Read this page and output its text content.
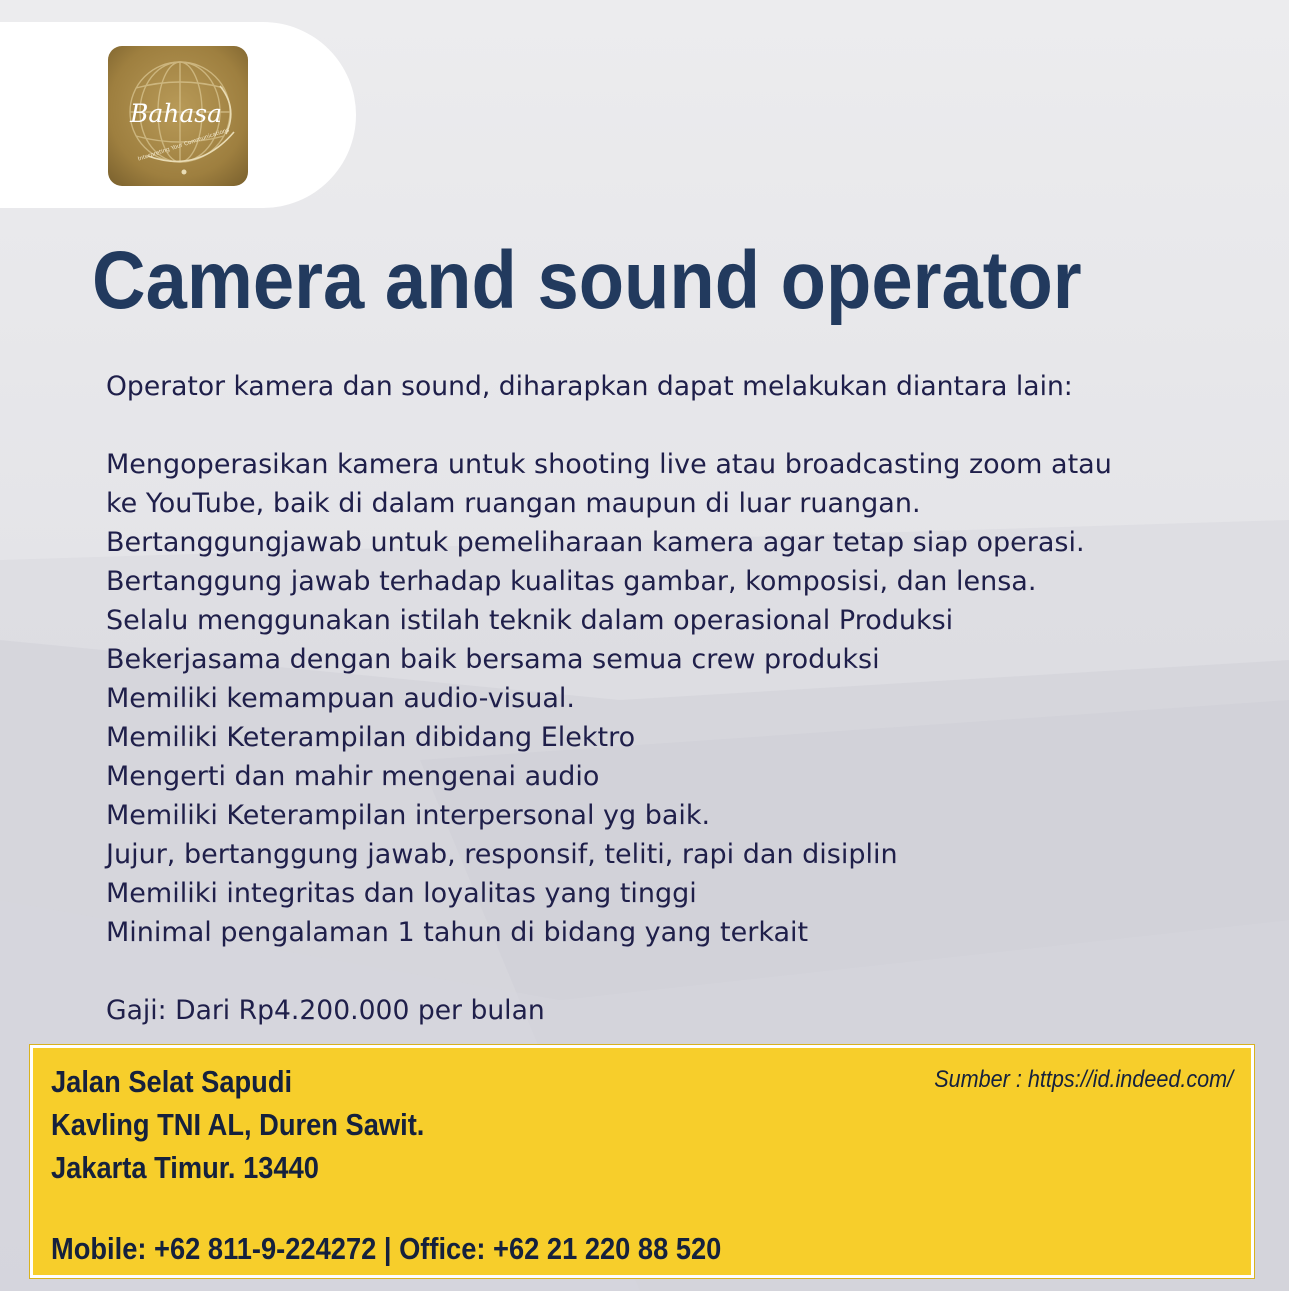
Bahasa
Interpreting Your Communications
Camera and sound operator

Operator kamera dan sound, diharapkan dapat melakukan diantara lain:

Mengoperasikan kamera untuk shooting live atau broadcasting zoom atau
ke YouTube, baik di dalam ruangan maupun di luar ruangan.
Bertanggungjawab untuk pemeliharaan kamera agar tetap siap operasi.
Bertanggung jawab terhadap kualitas gambar, komposisi, dan lensa.
Selalu menggunakan istilah teknik dalam operasional Produksi
Bekerjasama dengan baik bersama semua crew produksi
Memiliki kemampuan audio-visual.
Memiliki Keterampilan dibidang Elektro
Mengerti dan mahir mengenai audio
Memiliki Keterampilan interpersonal yg baik.
Jujur, bertanggung jawab, responsif, teliti, rapi dan disiplin
Memiliki integritas dan loyalitas yang tinggi
Minimal pengalaman 1 tahun di bidang yang terkait

Gaji: Dari Rp4.200.000 per bulan

Jalan Selat Sapudi
Kavling TNI AL, Duren Sawit.
Jakarta Timur. 13440
Sumber : https://id.indeed.com/
Mobile: +62 811-9-224272 | Office: +62 21 220 88 520
